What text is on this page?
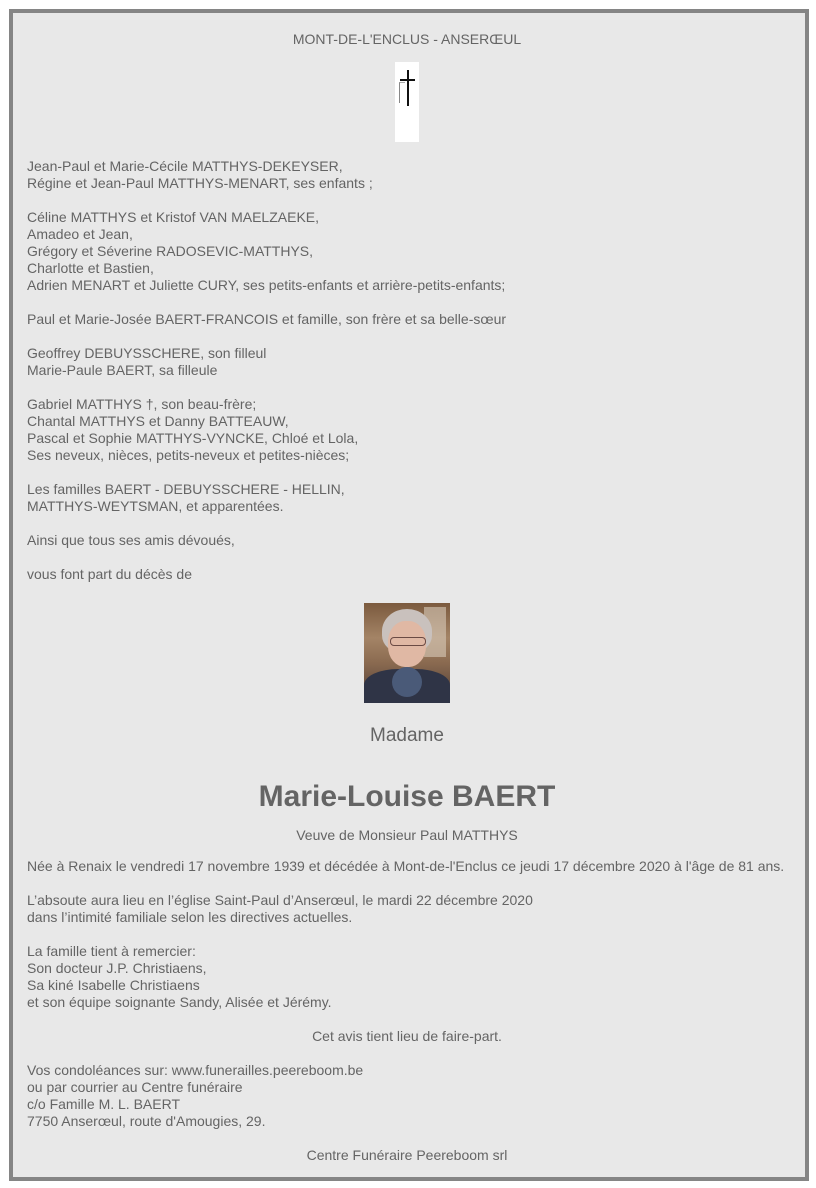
MONT-DE-L'ENCLUS - ANSERŒUL

Jean-Paul et Marie-Cécile MATTHYS-DEKEYSER,

Régine et Jean-Paul MATTHYS-MENART, ses enfants ;

Céline MATTHYS et Kristof VAN MAELZAEKE,

Amadeo et Jean,

Grégory et Séverine RADOSEVIC-MATTHYS,

Charlotte et Bastien,

Adrien MENART et Juliette CURY, ses petits-enfants et arrière-petits-enfants;

Paul et Marie-Josée BAERT-FRANCOIS et famille, son frère et sa belle-sœur

Geoffrey DEBUYSSCHERE, son filleul

Marie-Paule BAERT, sa filleule

Gabriel MATTHYS †, son beau-frère;

Chantal MATTHYS et Danny BATTEAUW,

Pascal et Sophie MATTHYS-VYNCKE, Chloé et Lola,

Ses neveux, nièces, petits-neveux et petites-nièces;

Les familles BAERT - DEBUYSSCHERE - HELLIN,

MATTHYS-WEYTSMAN, et apparentées.

Ainsi que tous ses amis dévoués,

vous font part du décès de

Madame
Marie-Louise BAERT
Veuve de Monsieur Paul MATTHYS
Née à Renaix le vendredi 17 novembre 1939 et décédée à Mont-de-l'Enclus ce jeudi 17 décembre 2020 à l'âge de 81 ans.

L’absoute aura lieu en l’église Saint-Paul d’Anserœul, le mardi 22 décembre 2020

dans l’intimité familiale selon les directives actuelles.

La famille tient à remercier:

Son docteur J.P. Christiaens,

Sa kiné Isabelle Christiaens

et son équipe soignante Sandy, Alisée et Jérémy.

Cet avis tient lieu de faire-part.

Vos condoléances sur: www.funerailles.peereboom.be

ou par courrier au Centre funéraire

c/o Famille M. L. BAERT

7750 Anserœul, route d'Amougies, 29.

Centre Funéraire Peereboom srl
